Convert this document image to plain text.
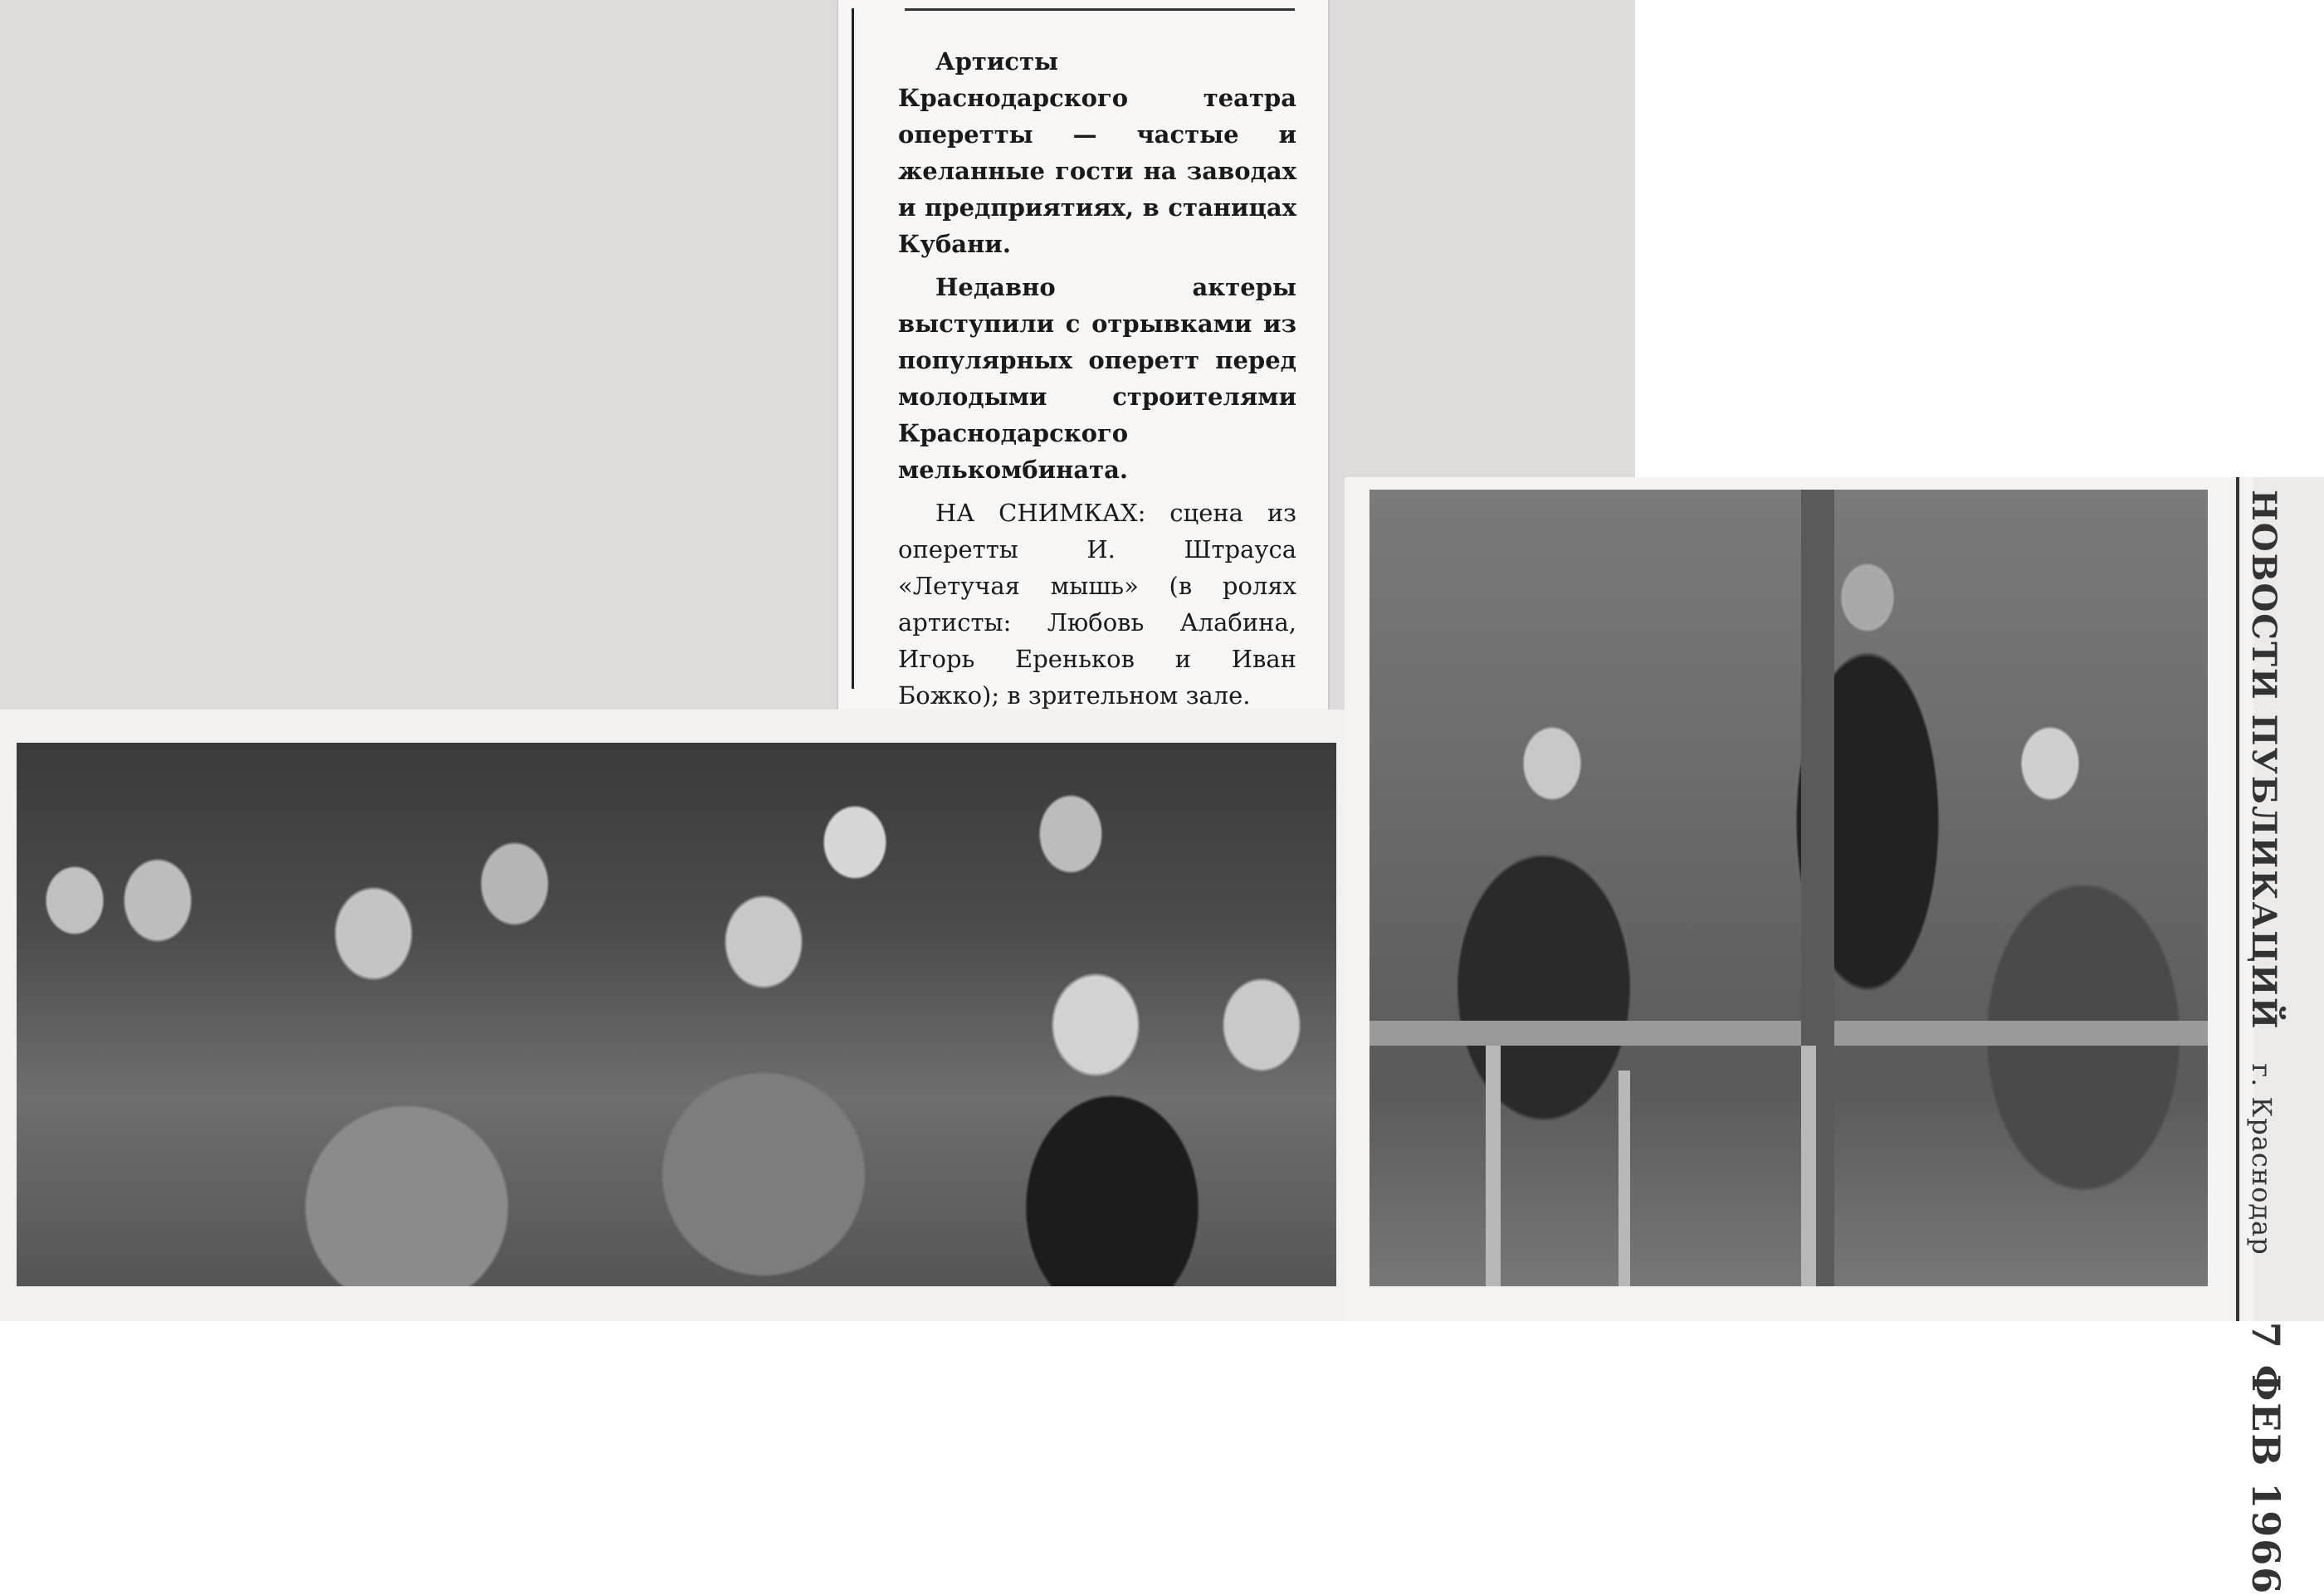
Артисты Краснодарского театра оперетты — частые и желанные гости на заводах и предприятиях, в станицах Кубани.

Недавно актеры выступили с отрывками из популярных оперетт перед молодыми строителями Краснодарского мелькомбината.

НА СНИМКАХ: сцена из оперетты И. Штрауса «Летучая мышь» (в ролях артисты: Любовь Алабина, Игорь Ереньков и Иван Божко); в зрительном зале.	НОВОСТИ ПУБЛИКАЦИЙг. Краснодар7 ФЕВ 1966
